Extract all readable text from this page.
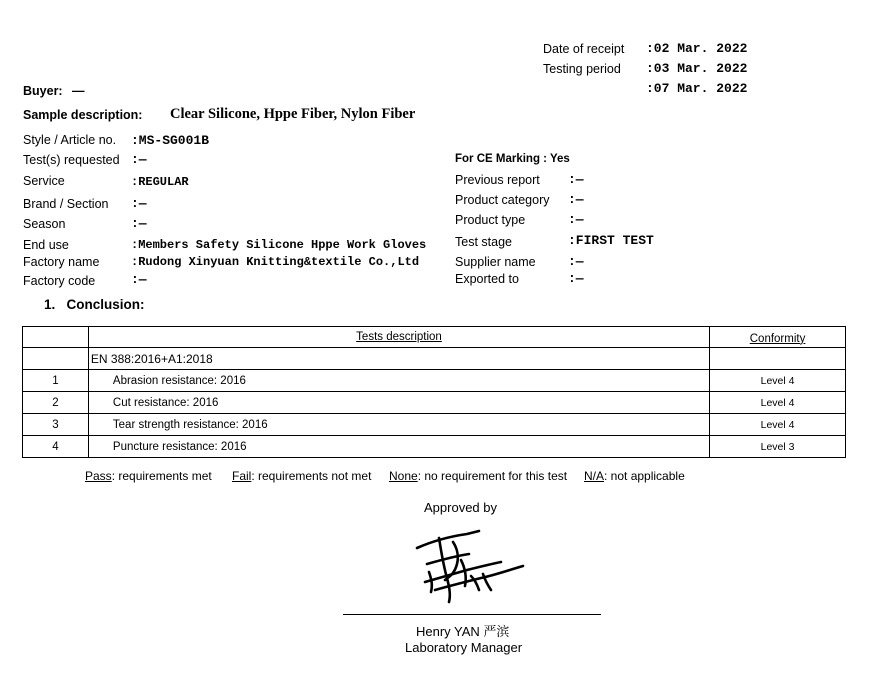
Date of receipt :02 Mar. 2022
Testing period :03 Mar. 2022
:07 Mar. 2022
Buyer: —
Sample description: Clear Silicone, Hppe Fiber, Nylon Fiber
Style / Article no. :MS-SG001B
Test(s) requested :—
Service	:REGULAR
Brand / Section :—
Season	:—
End use	:Members Safety Silicone Hppe Work Gloves
Factory name	:Rudong Xinyuan Knitting&textile Co.,Ltd
Factory code	:—
For CE Marking : Yes
Previous report :—
Product category :—
Product type	:—
Test stage	:FIRST TEST
Supplier name :—
Exported to	:—
1.   Conclusion:
	Tests description	Conformity
	EN 388:2016+A1:2018	
1	Abrasion resistance: 2016	Level 4
2	Cut resistance: 2016	Level 4
3	Tear strength resistance: 2016	Level 4
4	Puncture resistance: 2016	Level 3
Pass: requirements met Fail: requirements not met None: no requirement for this test N/A: not applicable
Approved by
Henry YAN 严滨
Laboratory Manager
